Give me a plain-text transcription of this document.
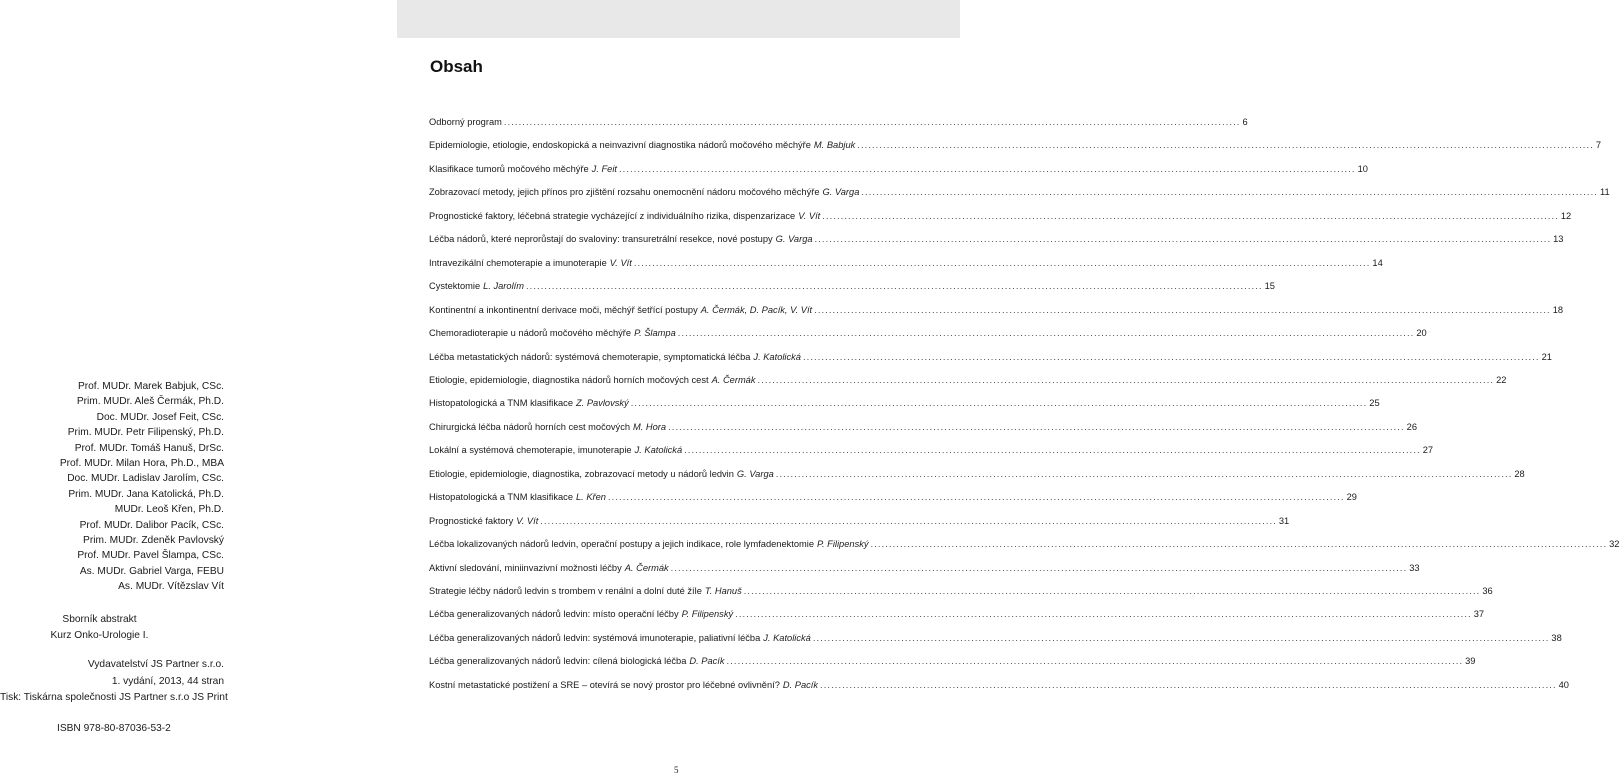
Obsah
Odborný program ........................................................................................................................................................................................................ 6
Epidemiologie, etiologie, endoskopická a neinvazivní diagnostika nádorů močového měchýře M. Babjuk ........................................................................................................................................................................................................ 7
Klasifikace tumorů močového měchýře J. Feit ........................................................................................................................................................................................................ 10
Zobrazovací metody, jejich přínos pro zjištění rozsahu onemocnění nádoru močového měchýře G. Varga ........................................................................................................................................................................................................ 11
Prognostické faktory, léčebná strategie vycházející z individuálního rizika, dispenzarizace V. Vít ........................................................................................................................................................................................................ 12
Léčba nádorů, které neprorůstají do svaloviny: transuretrální resekce, nové postupy G. Varga ........................................................................................................................................................................................................ 13
Intravezikální chemoterapie a imunoterapie V. Vít ........................................................................................................................................................................................................ 14
Cystektomie L. Jarolím ........................................................................................................................................................................................................ 15
Kontinentní a inkontinentní derivace moči, měchýř šetřící postupy A. Čermák, D. Pacík, V. Vít ........................................................................................................................................................................................................ 18
Chemoradioterapie u nádorů močového měchýře P. Šlampa ........................................................................................................................................................................................................ 20
Léčba metastatických nádorů: systémová chemoterapie, symptomatická léčba J. Katolická ........................................................................................................................................................................................................ 21
Etiologie, epidemiologie, diagnostika nádorů horních močových cest A. Čermák ........................................................................................................................................................................................................ 22
Histopatologická a TNM klasifikace Z. Pavlovský ........................................................................................................................................................................................................ 25
Chirurgická léčba nádorů horních cest močových M. Hora ........................................................................................................................................................................................................ 26
Lokální a systémová chemoterapie, imunoterapie J. Katolická ........................................................................................................................................................................................................ 27
Etiologie, epidemiologie, diagnostika, zobrazovací metody u nádorů ledvin G. Varga ........................................................................................................................................................................................................ 28
Histopatologická a TNM klasifikace L. Křen ........................................................................................................................................................................................................ 29
Prognostické faktory V. Vít ........................................................................................................................................................................................................ 31
Léčba lokalizovaných nádorů ledvin, operační postupy a jejich indikace, role lymfadenektomie P. Filipenský ........................................................................................................................................................................................................ 32
Aktivní sledování, miniinvazivní možnosti léčby A. Čermák ........................................................................................................................................................................................................ 33
Strategie léčby nádorů ledvin s trombem v renální a dolní duté žíle T. Hanuš ........................................................................................................................................................................................................ 36
Léčba generalizovaných nádorů ledvin: místo operační léčby P. Filipenský ........................................................................................................................................................................................................ 37
Léčba generalizovaných nádorů ledvin: systémová imunoterapie, paliativní léčba J. Katolická ........................................................................................................................................................................................................ 38
Léčba generalizovaných nádorů ledvin: cílená biologická léčba D. Pacík ........................................................................................................................................................................................................ 39
Kostní metastatické postižení a SRE – otevírá se nový prostor pro léčebné ovlivnění? D. Pacík ........................................................................................................................................................................................................ 40
Prof. MUDr. Marek Babjuk, CSc.
Prim. MUDr. Aleš Čermák, Ph.D.
Doc. MUDr. Josef Feit, CSc.
Prim. MUDr. Petr Filipenský, Ph.D.
Prof. MUDr. Tomáš Hanuš, DrSc.
Prof. MUDr. Milan Hora, Ph.D., MBA
Doc. MUDr. Ladislav Jarolím, CSc.
Prim. MUDr. Jana Katolická, Ph.D.
MUDr. Leoš Křen, Ph.D.
Prof. MUDr. Dalibor Pacík, CSc.
Prim. MUDr. Zdeněk Pavlovský
Prof. MUDr. Pavel Šlampa, CSc.
As. MUDr. Gabriel Varga, FEBU
As. MUDr. Vítězslav Vít
Sborník abstrakt
Kurz Onko-Urologie I.
Vydavatelství JS Partner s.r.o.
1. vydání, 2013, 44 stran
Tisk: Tiskárna společnosti JS Partner s.r.o JS Print
ISBN 978-80-87036-53-2
5
